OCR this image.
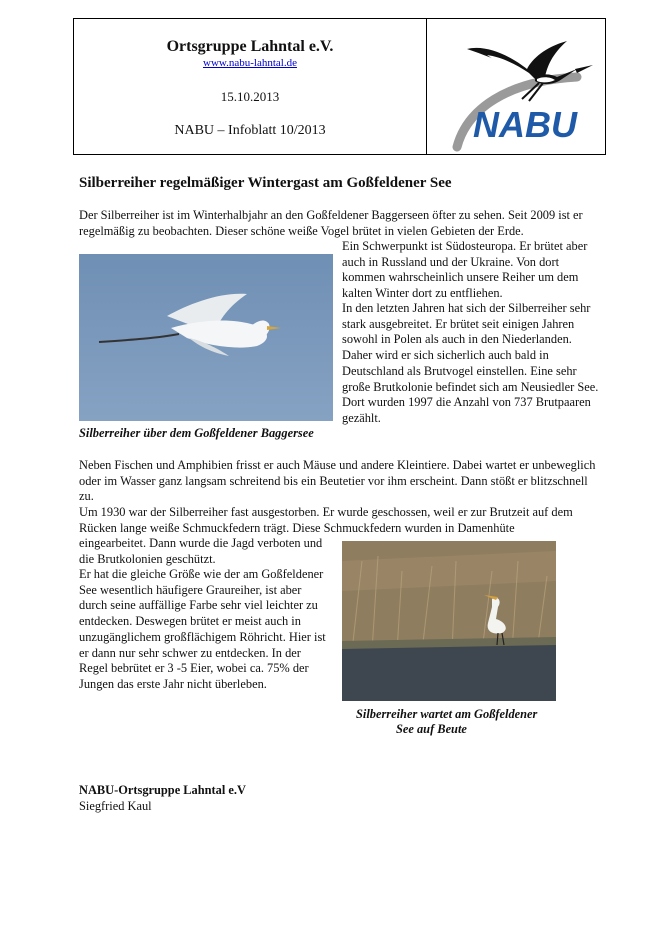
Ortsgruppe Lahntal e.V.
www.nabu-lahntal.de
15.10.2013
NABU – Infoblatt 10/2013	NABU
Silberreiher regelmäßiger Wintergast am Goßfeldener See

Der Silberreiher ist im Winterhalbjahr an den Goßfeldener Baggerseen öfter zu sehen. Seit 2009 ist er regelmäßig zu beobachten. Dieser schöne weiße Vogel brütet in vielen Gebieten der Erde.

Ein Schwerpunkt ist Südosteuropa. Er brütet aber auch in Russland und der Ukraine. Von dort kommen wahrscheinlich unsere Reiher um dem kalten Winter dort zu entfliehen.

In den letzten Jahren hat sich der Silberreiher sehr stark ausgebreitet. Er brütet seit einigen Jahren sowohl in Polen als auch in den Niederlanden. Daher wird er sich sicherlich auch bald in Deutschland als Brutvogel einstellen. Eine sehr große Brutkolonie befindet sich am Neusiedler See. Dort wurden 1997 die Anzahl von 737 Brutpaaren gezählt.

Silberreiher über dem Goßfeldener Baggersee

Neben Fischen und Amphibien frisst er auch Mäuse und andere Kleintiere. Dabei wartet er unbeweglich oder im Wasser ganz langsam schreitend bis ein Beutetier vor ihm erscheint. Dann stößt er blitzschnell zu.

Um 1930 war der Silberreiher fast ausgestorben. Er wurde geschossen, weil er zur Brutzeit auf dem Rücken lange weiße Schmuckfedern trägt. Diese Schmuckfedern wurden in Damenhüte

eingearbeitet. Dann wurde die Jagd verboten und die Brutkolonien geschützt.

Er hat die gleiche Größe wie der am Goßfeldener See wesentlich häufigere Graureiher, ist aber durch seine auffällige Farbe sehr viel leichter zu entdecken. Deswegen brütet er meist auch in unzugänglichem großflächigem Röhricht. Hier ist er dann nur sehr schwer zu entdecken. In der Regel bebrütet er 3 -5 Eier, wobei ca. 75% der Jungen das erste Jahr nicht überleben.

Silberreiher wartet am Goßfeldener
See auf Beute
NABU-Ortsgruppe Lahntal e.V
Siegfried Kaul
